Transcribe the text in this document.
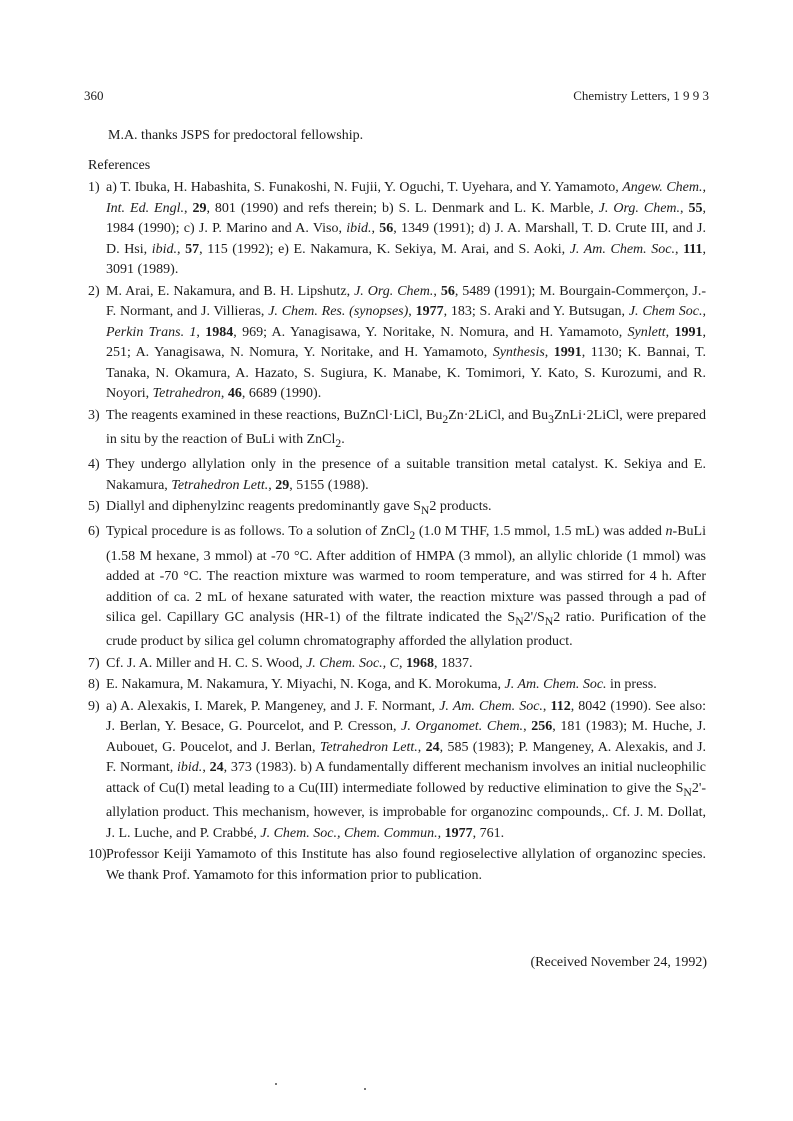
360	Chemistry Letters, 1 9 9 3
M.A. thanks JSPS for predoctoral fellowship.
References
1) a) T. Ibuka, H. Habashita, S. Funakoshi, N. Fujii, Y. Oguchi, T. Uyehara, and Y. Yamamoto, Angew. Chem., Int. Ed. Engl., 29, 801 (1990) and refs therein; b) S. L. Denmark and L. K. Marble, J. Org. Chem., 55, 1984 (1990); c) J. P. Marino and A. Viso, ibid., 56, 1349 (1991); d) J. A. Marshall, T. D. Crute III, and J. D. Hsi, ibid., 57, 115 (1992); e) E. Nakamura, K. Sekiya, M. Arai, and S. Aoki, J. Am. Chem. Soc., 111, 3091 (1989).
2) M. Arai, E. Nakamura, and B. H. Lipshutz, J. Org. Chem., 56, 5489 (1991); M. Bourgain-Commerçon, J.-F. Normant, and J. Villieras, J. Chem. Res. (synopses), 1977, 183; S. Araki and Y. Butsugan, J. Chem Soc., Perkin Trans. 1, 1984, 969; A. Yanagisawa, Y. Noritake, N. Nomura, and H. Yamamoto, Synlett, 1991, 251; A. Yanagisawa, N. Nomura, Y. Noritake, and H. Yamamoto, Synthesis, 1991, 1130; K. Bannai, T. Tanaka, N. Okamura, A. Hazato, S. Sugiura, K. Manabe, K. Tomimori, Y. Kato, S. Kurozumi, and R. Noyori, Tetrahedron, 46, 6689 (1990).
3) The reagents examined in these reactions, BuZnCl·LiCl, $Bu_2Zn\cdot 2LiCl$, and $Bu_3ZnLi\cdot 2LiCl$, were prepared in situ by the reaction of BuLi with ZnCl$_2$.
4) They undergo allylation only in the presence of a suitable transition metal catalyst. K. Sekiya and E. Nakamura, Tetrahedron Lett., 29, 5155 (1988).
5) Diallyl and diphenylzinc reagents predominantly gave $S_N2$ products.
6) Typical procedure is as follows. To a solution of ZnCl$_2$ (1.0 M THF, 1.5 mmol, 1.5 mL) was added n-BuLi (1.58 M hexane, 3 mmol) at -70 °C. After addition of HMPA (3 mmol), an allylic chloride (1 mmol) was added at -70 °C. The reaction mixture was warmed to room temperature, and was stirred for 4 h. After addition of ca. 2 mL of hexane saturated with water, the reaction mixture was passed through a pad of silica gel. Capillary GC analysis (HR-1) of the filtrate indicated the $S_N2'/S_N2$ ratio. Purification of the crude product by silica gel column chromatography afforded the allylation product.
7) Cf. J. A. Miller and H. C. S. Wood, J. Chem. Soc., C, 1968, 1837.
8) E. Nakamura, M. Nakamura, Y. Miyachi, N. Koga, and K. Morokuma, J. Am. Chem. Soc. in press.
9) a) A. Alexakis, I. Marek, P. Mangeney, and J. F. Normant, J. Am. Chem. Soc., 112, 8042 (1990). See also: J. Berlan, Y. Besace, G. Pourcelot, and P. Cresson, J. Organomet. Chem., 256, 181 (1983); M. Huche, J. Aubouet, G. Poucelot, and J. Berlan, Tetrahedron Lett., 24, 585 (1983); P. Mangeney, A. Alexakis, and J. F. Normant, ibid., 24, 373 (1983). b) A fundamentally different mechanism involves an initial nucleophilic attack of Cu(I) metal leading to a Cu(III) intermediate followed by reductive elimination to give the $S_N2'$-allylation product. This mechanism, however, is improbable for organozinc compounds,. Cf. J. M. Dollat, J. L. Luche, and P. Crabbé, J. Chem. Soc., Chem. Commun., 1977, 761.
10) Professor Keiji Yamamoto of this Institute has also found regioselective allylation of organozinc species. We thank Prof. Yamamoto for this information prior to publication.
(Received November 24, 1992)
